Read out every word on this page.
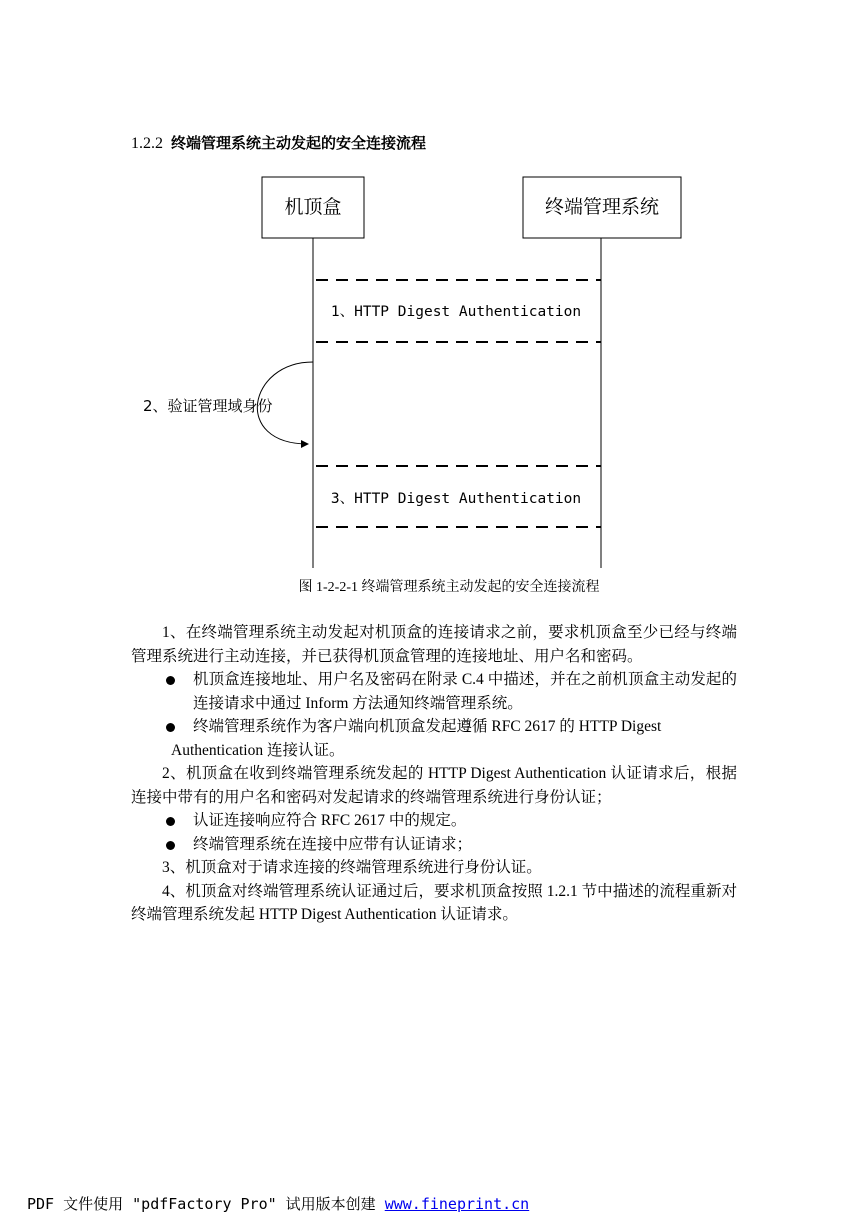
1.2.2 终端管理系统主动发起的安全连接流程
机顶盒	终端管理系统
1、HTTP Digest Authentication
2、验证管理域身份
3、HTTP Digest Authentication
图 1-2-2-1 终端管理系统主动发起的安全连接流程

1、在终端管理系统主动发起对机顶盒的连接请求之前，要求机顶盒至少已经与终端管理系统进行主动连接，并已获得机顶盒管理的连接地址、用户名和密码。

机顶盒连接地址、用户名及密码在附录 C.4 中描述，并在之前机顶盒主动发起的连接请求中通过 Inform 方法通知终端管理系统。

终端管理系统作为客户端向机顶盒发起遵循 RFC 2617 的 HTTP Digest
Authentication 连接认证。

2、机顶盒在收到终端管理系统发起的 HTTP Digest Authentication 认证请求后，根据连接中带有的用户名和密码对发起请求的终端管理系统进行身份认证；

认证连接响应符合 RFC 2617 中的规定。

终端管理系统在连接中应带有认证请求；

3、机顶盒对于请求连接的终端管理系统进行身份认证。

4、机顶盒对终端管理系统认证通过后，要求机顶盒按照 1.2.1 节中描述的流程重新对终端管理系统发起 HTTP Digest Authentication 认证请求。

PDF 文件使用 "pdfFactory Pro" 试用版本创建 www.fineprint.cn
